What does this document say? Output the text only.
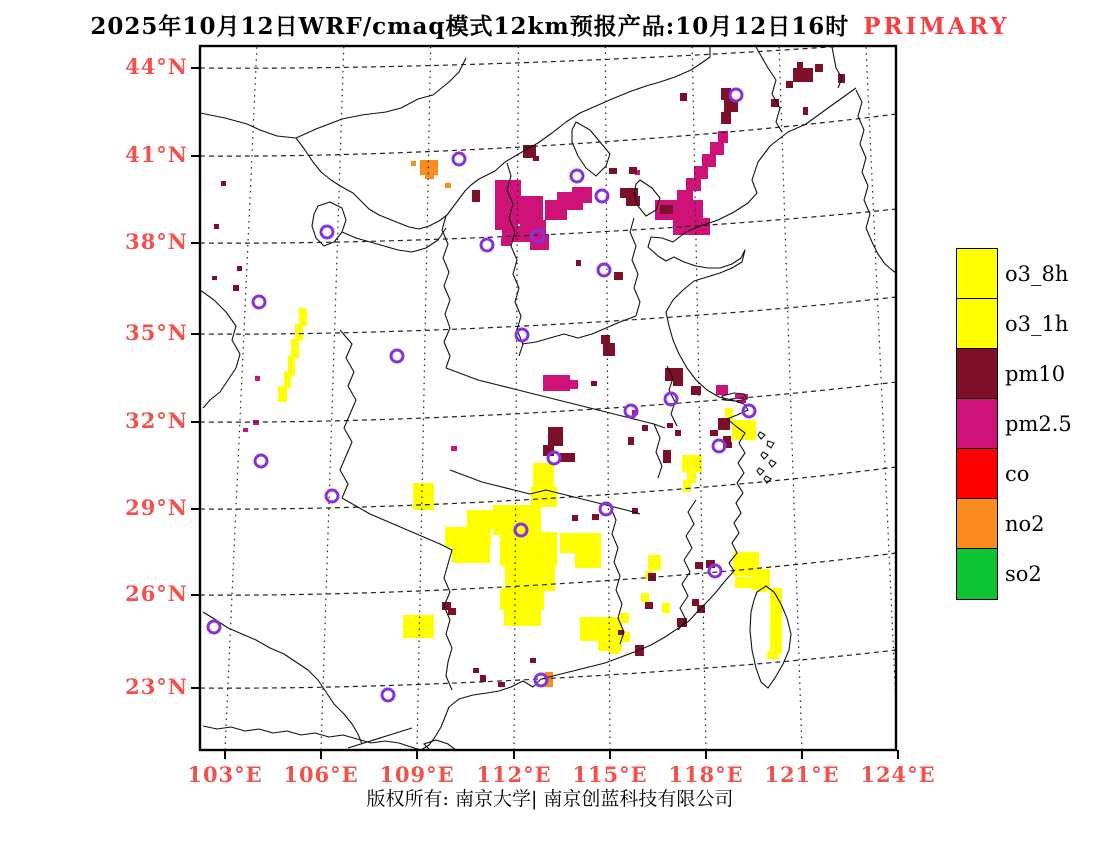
2025年10月12日WRF/cmaq模式12km预报产品:10月12日16时 PRIMARY
44°N
41°N
38°N
35°N
32°N
29°N
26°N
23°N
103°E 106°E 109°E	112°E 115°E 118°E 121°E 124°E
o3_8h
o3_1h
pm10
pm2.5
co
no2
so2
版权所有: 南京大学| 南京创蓝科技有限公司
